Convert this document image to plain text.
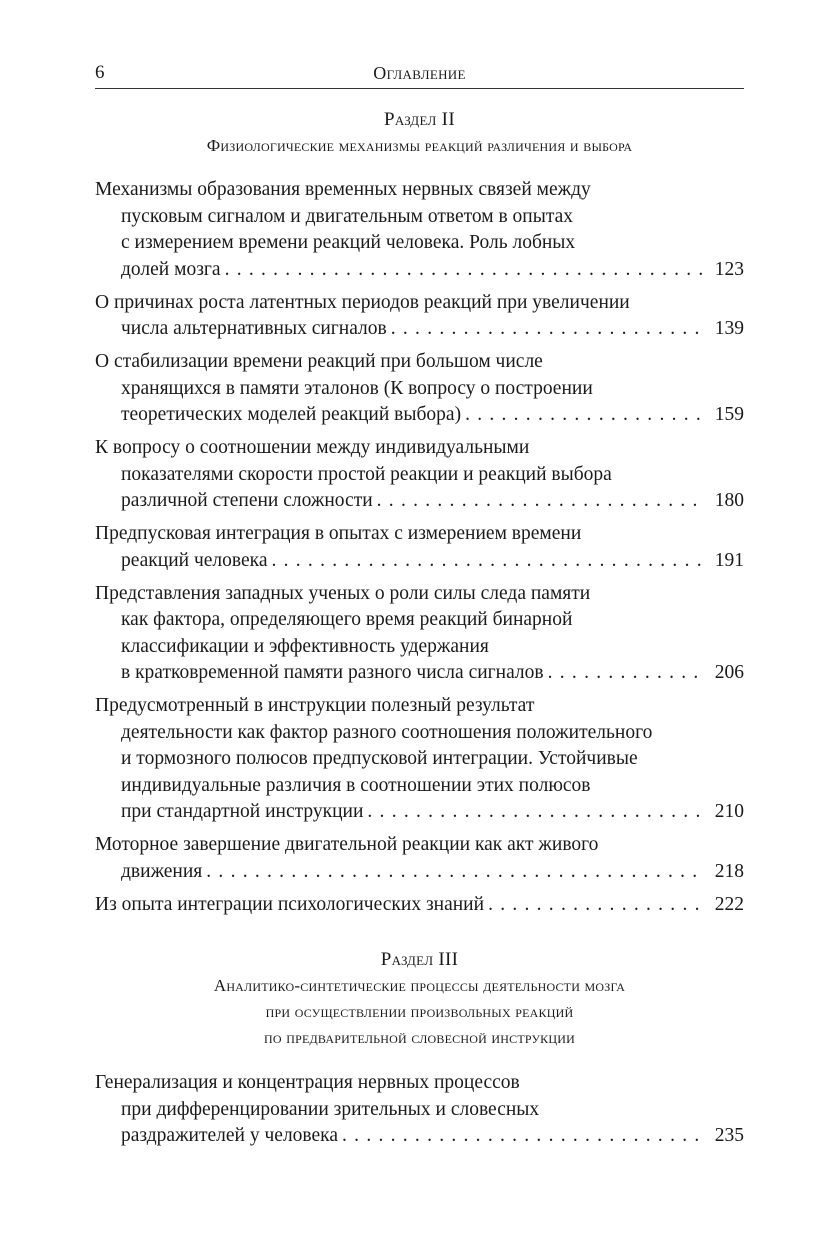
6	Оглавление
Раздел II
Физиологические механизмы реакций различения и выбора
Механизмы образования временных нервных связей между
пусковым сигналом и двигательным ответом в опытах
с измерением времени реакций человека. Роль лобных
долей мозга . . .	123
О причинах роста латентных периодов реакций при увеличении
числа альтернативных сигналов . . .	139
О стабилизации времени реакций при большом числе
хранящихся в памяти эталонов (К вопросу о построении
теоретических моделей реакций выбора) . . .	159
К вопросу о соотношении между индивидуальными
показателями скорости простой реакции и реакций выбора
различной степени сложности . . .	180
Предпусковая интеграция в опытах с измерением времени
реакций человека . . .	191
Представления западных ученых о роли силы следа памяти
как фактора, определяющего время реакций бинарной
классификации и эффективность удержания
в кратковременной памяти разного числа сигналов . . .	206
Предусмотренный в инструкции полезный результат
деятельности как фактор разного соотношения положительного
и тормозного полюсов предпусковой интеграции. Устойчивые
индивидуальные различия в соотношении этих полюсов
при стандартной инструкции . . .	210
Моторное завершение двигательной реакции как акт живого
движения . . .	218
Из опыта интеграции психологических знаний . . .	222
Раздел III
Аналитико-синтетические процессы деятельности мозга
при осуществлении произвольных реакций
по предварительной словесной инструкции
Генерализация и концентрация нервных процессов
при дифференцировании зрительных и словесных
раздражителей у человека . . .	235
